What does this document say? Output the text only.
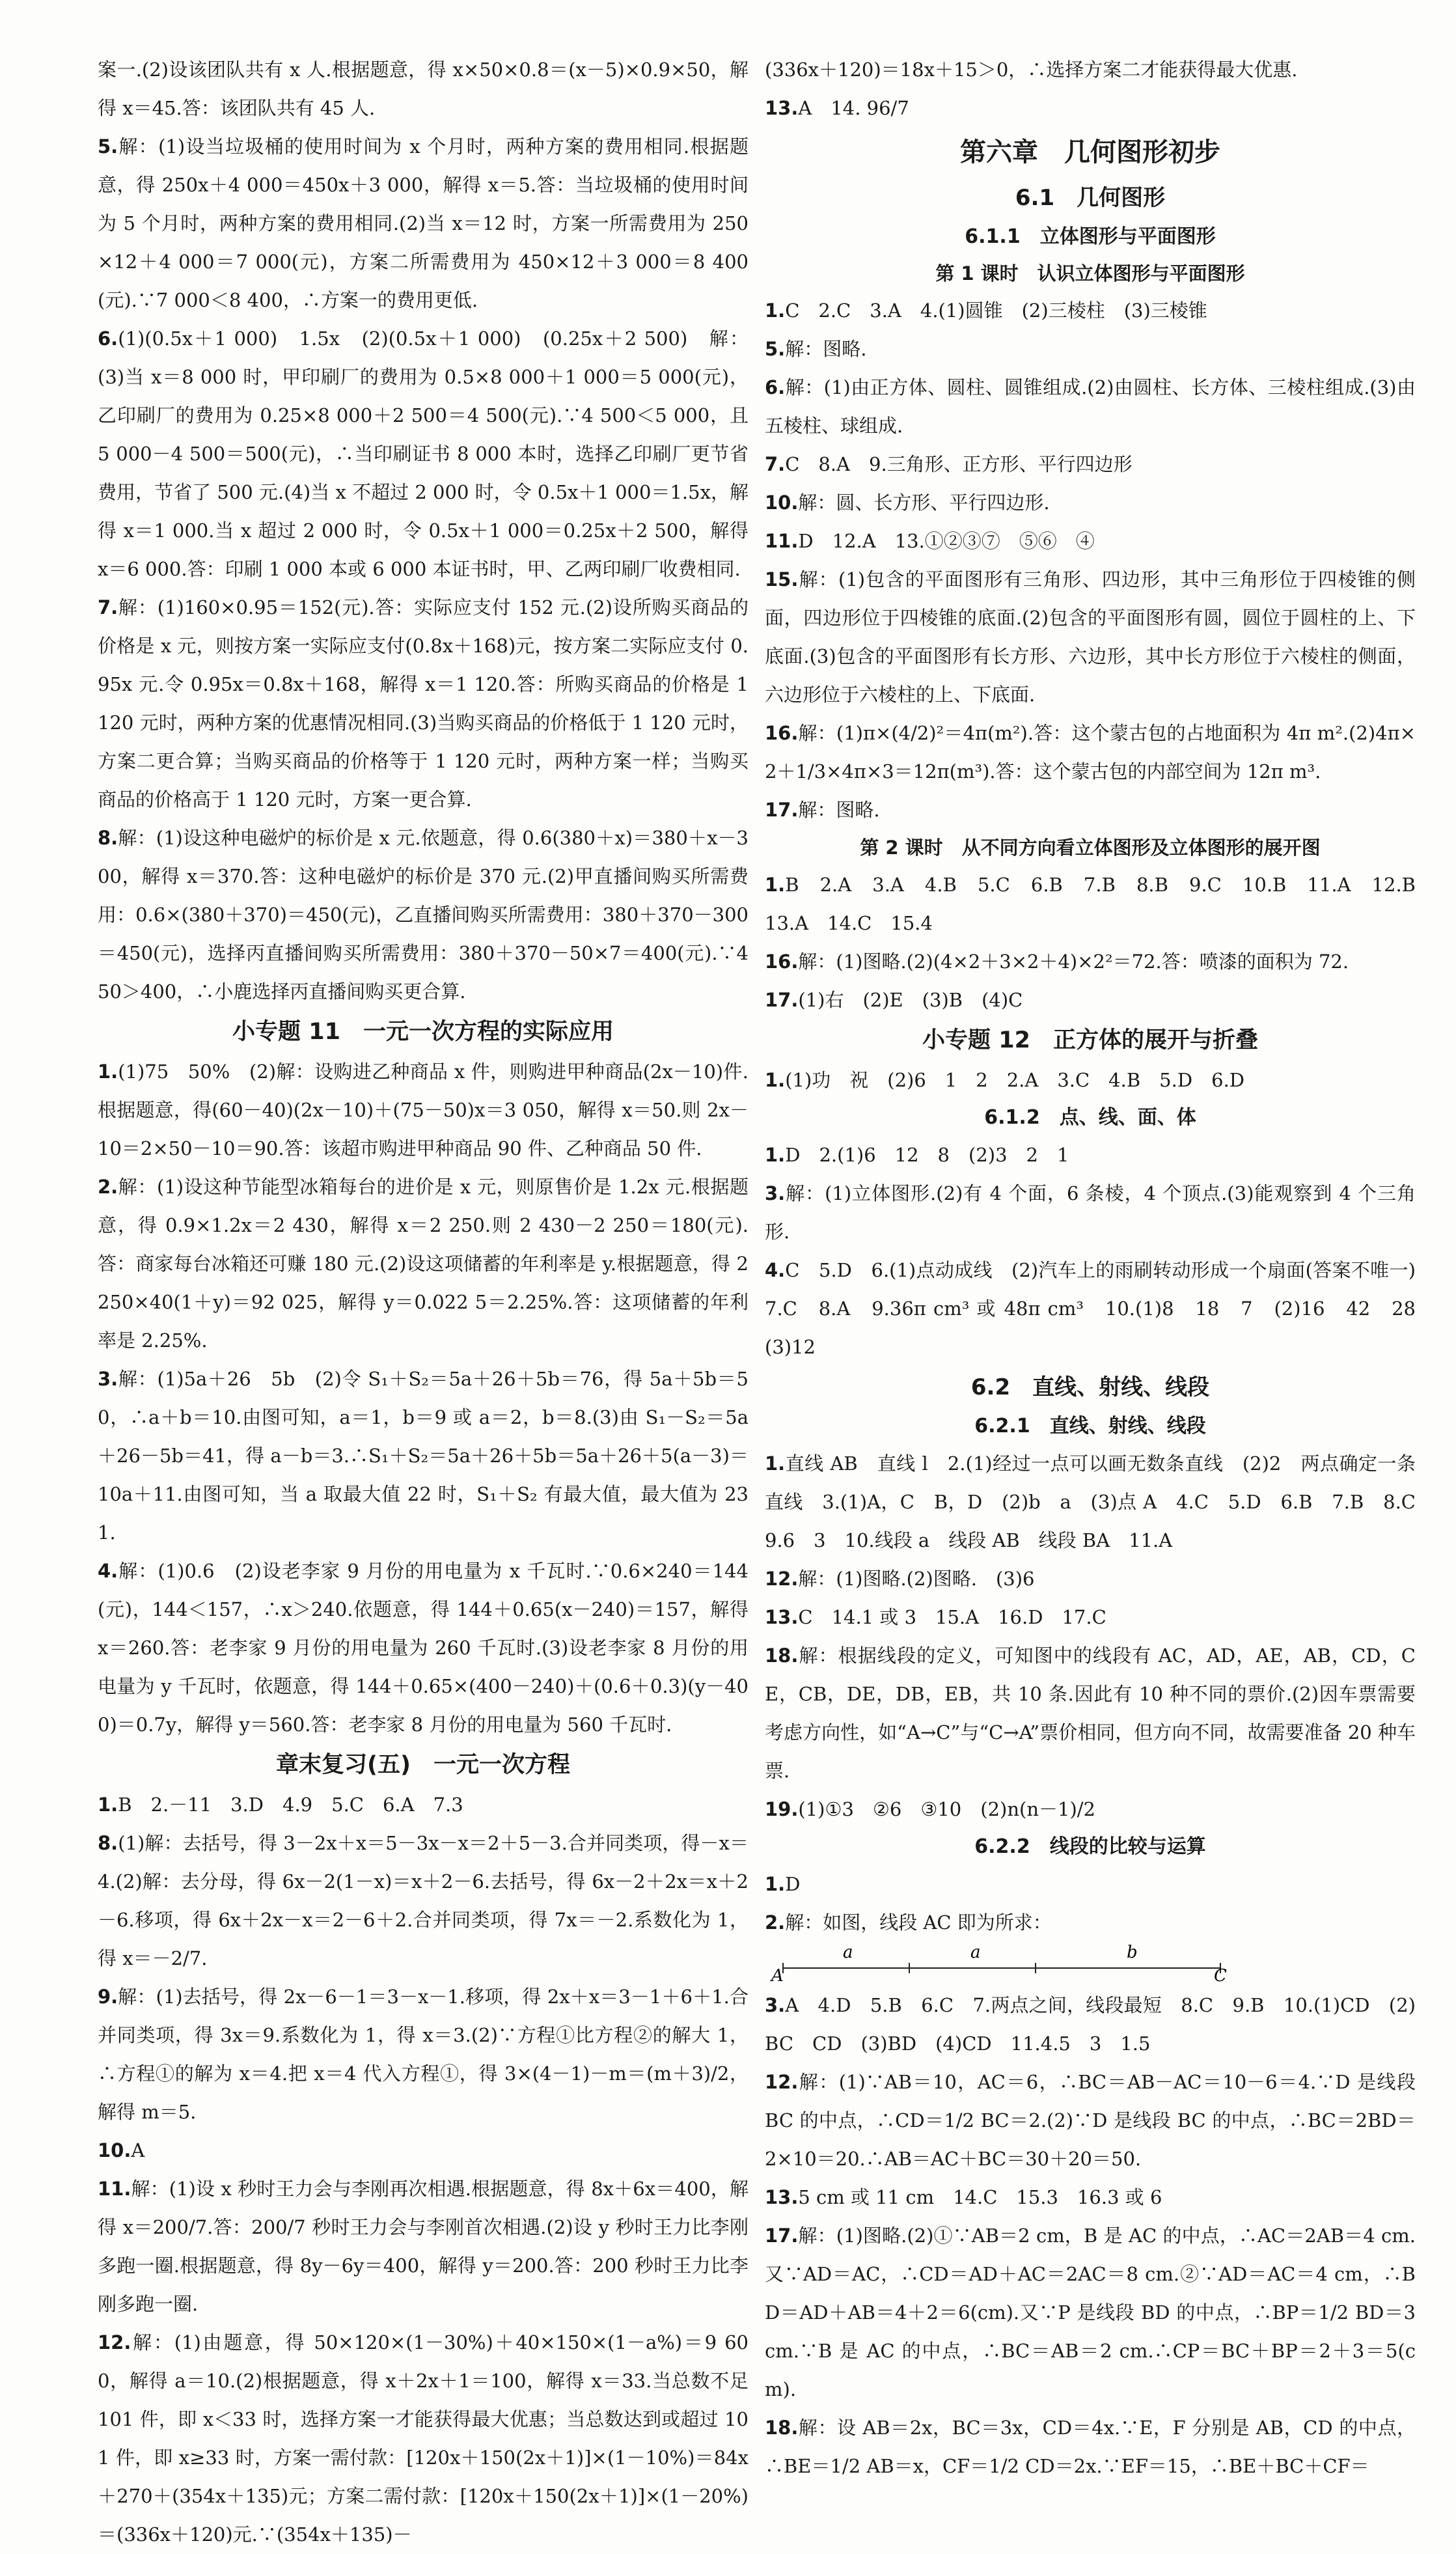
案一.(2)设该团队共有 x 人.根据题意，得 x×50×0.8＝(x－5)×0.9×50，解得 x＝45.答：该团队共有 45 人.

5.解：(1)设当垃圾桶的使用时间为 x 个月时，两种方案的费用相同.根据题意，得 250x＋4 000＝450x＋3 000，解得 x＝5.答：当垃圾桶的使用时间为 5 个月时，两种方案的费用相同.(2)当 x＝12 时，方案一所需费用为 250×12＋4 000＝7 000(元)，方案二所需费用为 450×12＋3 000＝8 400(元).∵7 000＜8 400，∴方案一的费用更低.

6.(1)(0.5x＋1 000)　1.5x　(2)(0.5x＋1 000)　(0.25x＋2 500)　解：(3)当 x＝8 000 时，甲印刷厂的费用为 0.5×8 000＋1 000＝5 000(元)，乙印刷厂的费用为 0.25×8 000＋2 500＝4 500(元).∵4 500＜5 000，且 5 000－4 500＝500(元)，∴当印刷证书 8 000 本时，选择乙印刷厂更节省费用，节省了 500 元.(4)当 x 不超过 2 000 时，令 0.5x＋1 000＝1.5x，解得 x＝1 000.当 x 超过 2 000 时，令 0.5x＋1 000＝0.25x＋2 500，解得 x＝6 000.答：印刷 1 000 本或 6 000 本证书时，甲、乙两印刷厂收费相同.

7.解：(1)160×0.95＝152(元).答：实际应支付 152 元.(2)设所购买商品的价格是 x 元，则按方案一实际应支付(0.8x＋168)元，按方案二实际应支付 0.95x 元.令 0.95x＝0.8x＋168，解得 x＝1 120.答：所购买商品的价格是 1 120 元时，两种方案的优惠情况相同.(3)当购买商品的价格低于 1 120 元时，方案二更合算；当购买商品的价格等于 1 120 元时，两种方案一样；当购买商品的价格高于 1 120 元时，方案一更合算.

8.解：(1)设这种电磁炉的标价是 x 元.依题意，得 0.6(380＋x)＝380＋x－300，解得 x＝370.答：这种电磁炉的标价是 370 元.(2)甲直播间购买所需费用：0.6×(380＋370)＝450(元)，乙直播间购买所需费用：380＋370－300＝450(元)，选择丙直播间购买所需费用：380＋370－50×7＝400(元).∵450＞400，∴小鹿选择丙直播间购买更合算.

小专题 11　一元一次方程的实际应用

1.(1)75　50%　(2)解：设购进乙种商品 x 件，则购进甲种商品(2x－10)件.根据题意，得(60－40)(2x－10)＋(75－50)x＝3 050，解得 x＝50.则 2x－10＝2×50－10＝90.答：该超市购进甲种商品 90 件、乙种商品 50 件.

2.解：(1)设这种节能型冰箱每台的进价是 x 元，则原售价是 1.2x 元.根据题意，得 0.9×1.2x＝2 430，解得 x＝2 250.则 2 430－2 250＝180(元).答：商家每台冰箱还可赚 180 元.(2)设这项储蓄的年利率是 y.根据题意，得 2 250×40(1＋y)＝92 025，解得 y＝0.022 5＝2.25%.答：这项储蓄的年利率是 2.25%.

3.解：(1)5a＋26　5b　(2)令 S₁＋S₂＝5a＋26＋5b＝76，得 5a＋5b＝50，∴a＋b＝10.由图可知，a＝1，b＝9 或 a＝2，b＝8.(3)由 S₁－S₂＝5a＋26－5b＝41，得 a－b＝3.∴S₁＋S₂＝5a＋26＋5b＝5a＋26＋5(a－3)＝10a＋11.由图可知，当 a 取最大值 22 时，S₁＋S₂ 有最大值，最大值为 231.

4.解：(1)0.6　(2)设老李家 9 月份的用电量为 x 千瓦时.∵0.6×240＝144(元)，144＜157，∴x＞240.依题意，得 144＋0.65(x－240)＝157，解得 x＝260.答：老李家 9 月份的用电量为 260 千瓦时.(3)设老李家 8 月份的用电量为 y 千瓦时，依题意，得 144＋0.65×(400－240)＋(0.6＋0.3)(y－400)＝0.7y，解得 y＝560.答：老李家 8 月份的用电量为 560 千瓦时.

章末复习(五)　一元一次方程

1.B　2.－11　3.D　4.9　5.C　6.A　7.3

8.(1)解：去括号，得 3－2x＋x＝5－3x－x＝2＋5－3.合并同类项，得－x＝4.(2)解：去分母，得 6x－2(1－x)＝x＋2－6.去括号，得 6x－2＋2x＝x＋2－6.移项，得 6x＋2x－x＝2－6＋2.合并同类项，得 7x＝－2.系数化为 1，得 x＝－2/7.

9.解：(1)去括号，得 2x－6－1＝3－x－1.移项，得 2x＋x＝3－1＋6＋1.合并同类项，得 3x＝9.系数化为 1，得 x＝3.(2)∵方程①比方程②的解大 1，∴方程①的解为 x＝4.把 x＝4 代入方程①，得 3×(4－1)－m＝(m＋3)/2，解得 m＝5.

10.A

11.解：(1)设 x 秒时王力会与李刚再次相遇.根据题意，得 8x＋6x＝400，解得 x＝200/7.答：200/7 秒时王力会与李刚首次相遇.(2)设 y 秒时王力比李刚多跑一圈.根据题意，得 8y－6y＝400，解得 y＝200.答：200 秒时王力比李刚多跑一圈.

12.解：(1)由题意，得 50×120×(1－30%)＋40×150×(1－a%)＝9 600，解得 a＝10.(2)根据题意，得 x＋2x＋1＝100，解得 x＝33.当总数不足 101 件，即 x＜33 时，选择方案一才能获得最大优惠；当总数达到或超过 101 件，即 x≥33 时，方案一需付款：[120x＋150(2x＋1)]×(1－10%)＝84x＋270＋(354x＋135)元；方案二需付款：[120x＋150(2x＋1)]×(1－20%)＝(336x＋120)元.∵(354x＋135)－

(336x＋120)＝18x＋15＞0，∴选择方案二才能获得最大优惠.

13.A　14. 96/7

第六章　几何图形初步
6.1　几何图形
6.1.1　立体图形与平面图形
第 1 课时　认识立体图形与平面图形

1.C　2.C　3.A　4.(1)圆锥　(2)三棱柱　(3)三棱锥

5.解：图略.

6.解：(1)由正方体、圆柱、圆锥组成.(2)由圆柱、长方体、三棱柱组成.(3)由五棱柱、球组成.

7.C　8.A　9.三角形、正方形、平行四边形

10.解：圆、长方形、平行四边形.

11.D　12.A　13.①②③⑦　⑤⑥　④

15.解：(1)包含的平面图形有三角形、四边形，其中三角形位于四棱锥的侧面，四边形位于四棱锥的底面.(2)包含的平面图形有圆，圆位于圆柱的上、下底面.(3)包含的平面图形有长方形、六边形，其中长方形位于六棱柱的侧面，六边形位于六棱柱的上、下底面.

16.解：(1)π×(4/2)²＝4π(m²).答：这个蒙古包的占地面积为 4π m².(2)4π×2＋1/3×4π×3＝12π(m³).答：这个蒙古包的内部空间为 12π m³.

17.解：图略.

第 2 课时　从不同方向看立体图形及立体图形的展开图

1.B　2.A　3.A　4.B　5.C　6.B　7.B　8.B　9.C　10.B　11.A　12.B　13.A　14.C　15.4

16.解：(1)图略.(2)(4×2＋3×2＋4)×2²＝72.答：喷漆的面积为 72.

17.(1)右　(2)E　(3)B　(4)C

小专题 12　正方体的展开与折叠

1.(1)功　祝　(2)6　1　2　2.A　3.C　4.B　5.D　6.D

6.1.2　点、线、面、体

1.D　2.(1)6　12　8　(2)3　2　1

3.解：(1)立体图形.(2)有 4 个面，6 条棱，4 个顶点.(3)能观察到 4 个三角形.

4.C　5.D　6.(1)点动成线　(2)汽车上的雨刷转动形成一个扇面(答案不唯一)　7.C　8.A　9.36π cm³ 或 48π cm³　10.(1)8　18　7　(2)16　42　28　(3)12

6.2　直线、射线、线段
6.2.1　直线、射线、线段

1.直线 AB　直线 l　2.(1)经过一点可以画无数条直线　(2)2　两点确定一条直线　3.(1)A，C　B，D　(2)b　a　(3)点 A　4.C　5.D　6.B　7.B　8.C　9.6　3　10.线段 a　线段 AB　线段 BA　11.A

12.解：(1)图略.(2)图略.　(3)6

13.C　14.1 或 3　15.A　16.D　17.C

18.解：根据线段的定义，可知图中的线段有 AC，AD，AE，AB，CD，CE，CB，DE，DB，EB，共 10 条.因此有 10 种不同的票价.(2)因车票需要考虑方向性，如“A→C”与“C→A”票价相同，但方向不同，故需要准备 20 种车票.

19.(1)①3　②6　③10　(2)n(n－1)/2

6.2.2　线段的比较与运算

1.D

2.解：如图，线段 AC 即为所求：

A
a	a	b
C

3.A　4.D　5.B　6.C　7.两点之间，线段最短　8.C　9.B　10.(1)CD　(2)BC　CD　(3)BD　(4)CD　11.4.5　3　1.5

12.解：(1)∵AB＝10，AC＝6，∴BC＝AB－AC＝10－6＝4.∵D 是线段 BC 的中点，∴CD＝1/2 BC＝2.(2)∵D 是线段 BC 的中点，∴BC＝2BD＝2×10＝20.∴AB＝AC＋BC＝30＋20＝50.

13.5 cm 或 11 cm　14.C　15.3　16.3 或 6

17.解：(1)图略.(2)①∵AB＝2 cm，B 是 AC 的中点，∴AC＝2AB＝4 cm.又∵AD＝AC，∴CD＝AD＋AC＝2AC＝8 cm.②∵AD＝AC＝4 cm，∴BD＝AD＋AB＝4＋2＝6(cm).又∵P 是线段 BD 的中点，∴BP＝1/2 BD＝3 cm.∵B 是 AC 的中点，∴BC＝AB＝2 cm.∴CP＝BC＋BP＝2＋3＝5(cm).

18.解：设 AB＝2x，BC＝3x，CD＝4x.∵E，F 分别是 AB，CD 的中点，∴BE＝1/2 AB＝x，CF＝1/2 CD＝2x.∵EF＝15，∴BE＋BC＋CF＝
